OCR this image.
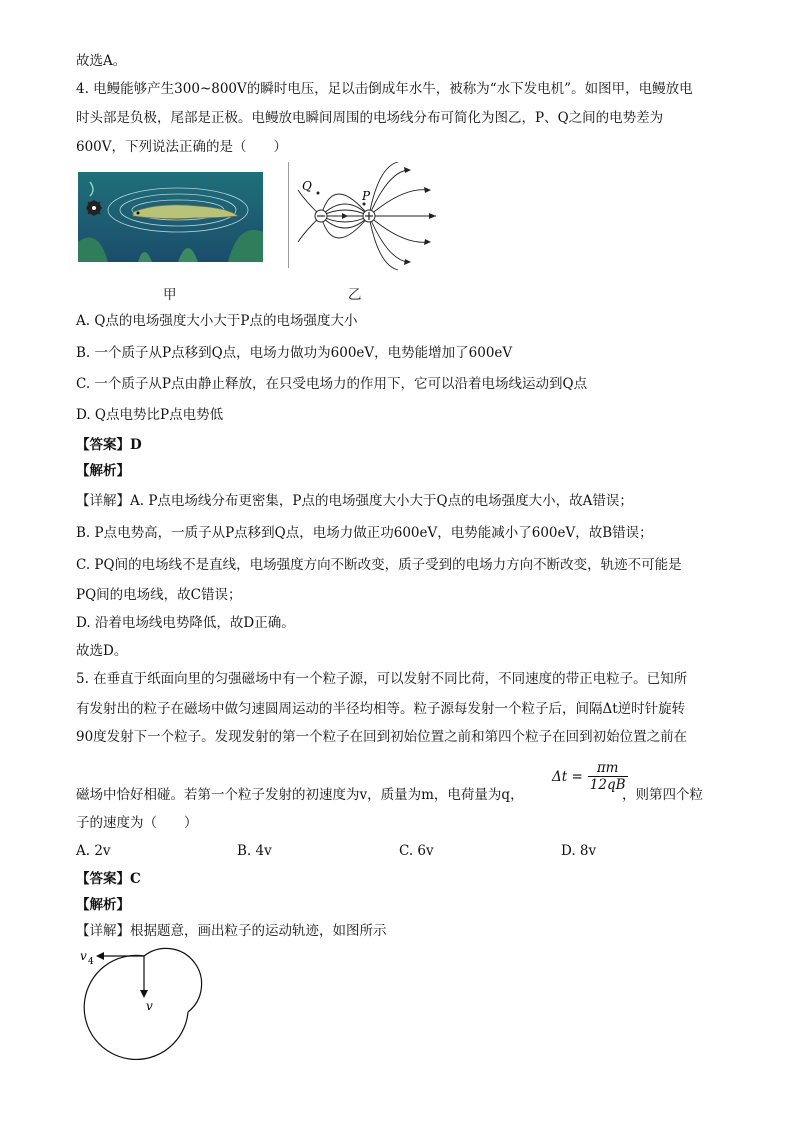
故选A。
4. 电鳗能够产生300~800V的瞬时电压，足以击倒成年水牛，被称为“水下发电机”。如图甲，电鳗放电
时头部是负极，尾部是正极。电鳗放电瞬间周围的电场线分布可简化为图乙，P、Q之间的电势差为
600V，下列说法正确的是（　　）
甲
Q
P
乙
A. Q点的电场强度大小大于P点的电场强度大小
B. 一个质子从P点移到Q点，电场力做功为600eV，电势能增加了600eV
C. 一个质子从P点由静止释放，在只受电场力的作用下，它可以沿着电场线运动到Q点
D. Q点电势比P点电势低
【答案】D
【解析】
【详解】A. P点电场线分布更密集，P点的电场强度大小大于Q点的电场强度大小，故A错误；
B. P点电势高，一质子从P点移到Q点，电场力做正功600eV，电势能减小了600eV，故B错误；
C. PQ间的电场线不是直线，电场强度方向不断改变，质子受到的电场力方向不断改变，轨迹不可能是
PQ间的电场线，故C错误；
D. 沿着电场线电势降低，故D正确。
故选D。
5. 在垂直于纸面向里的匀强磁场中有一个粒子源，可以发射不同比荷，不同速度的带正电粒子。已知所
有发射出的粒子在磁场中做匀速圆周运动的半径均相等。粒子源每发射一个粒子后，间隔Δt逆时针旋转
90度发射下一个粒子。发现发射的第一个粒子在回到初始位置之前和第四个粒子在回到初始位置之前在
磁场中恰好相碰。若第一个粒子发射的初速度为v，质量为m，电荷量为q，
Δt =
πm
12qB
，则第四个粒
子的速度为（　　）
A. 2v	B. 4v	C. 6v	D. 8v
【答案】C
【解析】
【详解】根据题意，画出粒子的运动轨迹，如图所示
v 4
v
